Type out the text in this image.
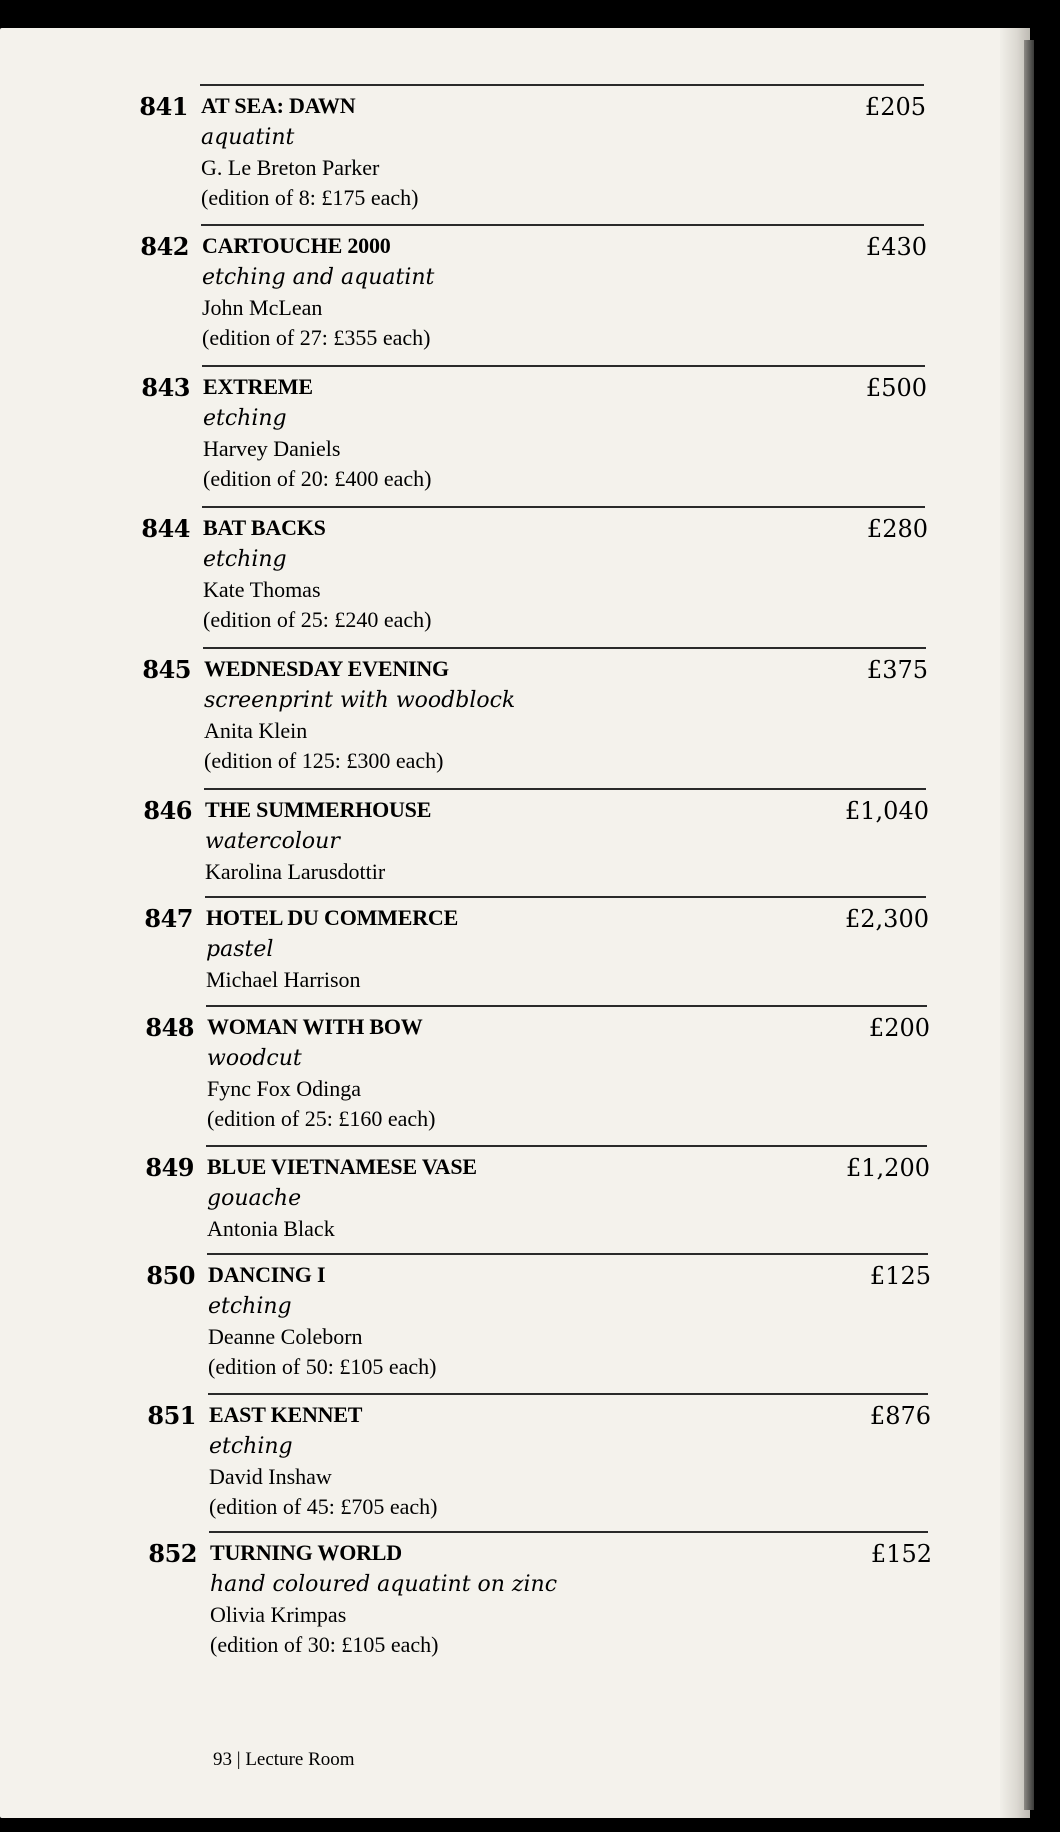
841 AT SEA: DAWN
aquatint
G. Le Breton Parker
(edition of 8: £175 each)
£205
842 CARTOUCHE 2000
etching and aquatint
John McLean
(edition of 27: £355 each)
£430
843 EXTREME
etching
Harvey Daniels
(edition of 20: £400 each)
£500
844 BAT BACKS
etching
Kate Thomas
(edition of 25: £240 each)
£280
845 WEDNESDAY EVENING
screenprint with woodblock
Anita Klein
(edition of 125: £300 each)
£375
846 THE SUMMERHOUSE
watercolour
Karolina Larusdottir
£1,040
847 HOTEL DU COMMERCE
pastel
Michael Harrison
£2,300
848 WOMAN WITH BOW
woodcut
Fync Fox Odinga
(edition of 25: £160 each)
£200
849 BLUE VIETNAMESE VASE
gouache
Antonia Black
£1,200
850 DANCING I
etching
Deanne Coleborn
(edition of 50: £105 each)
£125
851 EAST KENNET
etching
David Inshaw
(edition of 45: £705 each)
£876
852 TURNING WORLD
hand coloured aquatint on zinc
Olivia Krimpas
(edition of 30: £105 each)
£152
93 | Lecture Room
